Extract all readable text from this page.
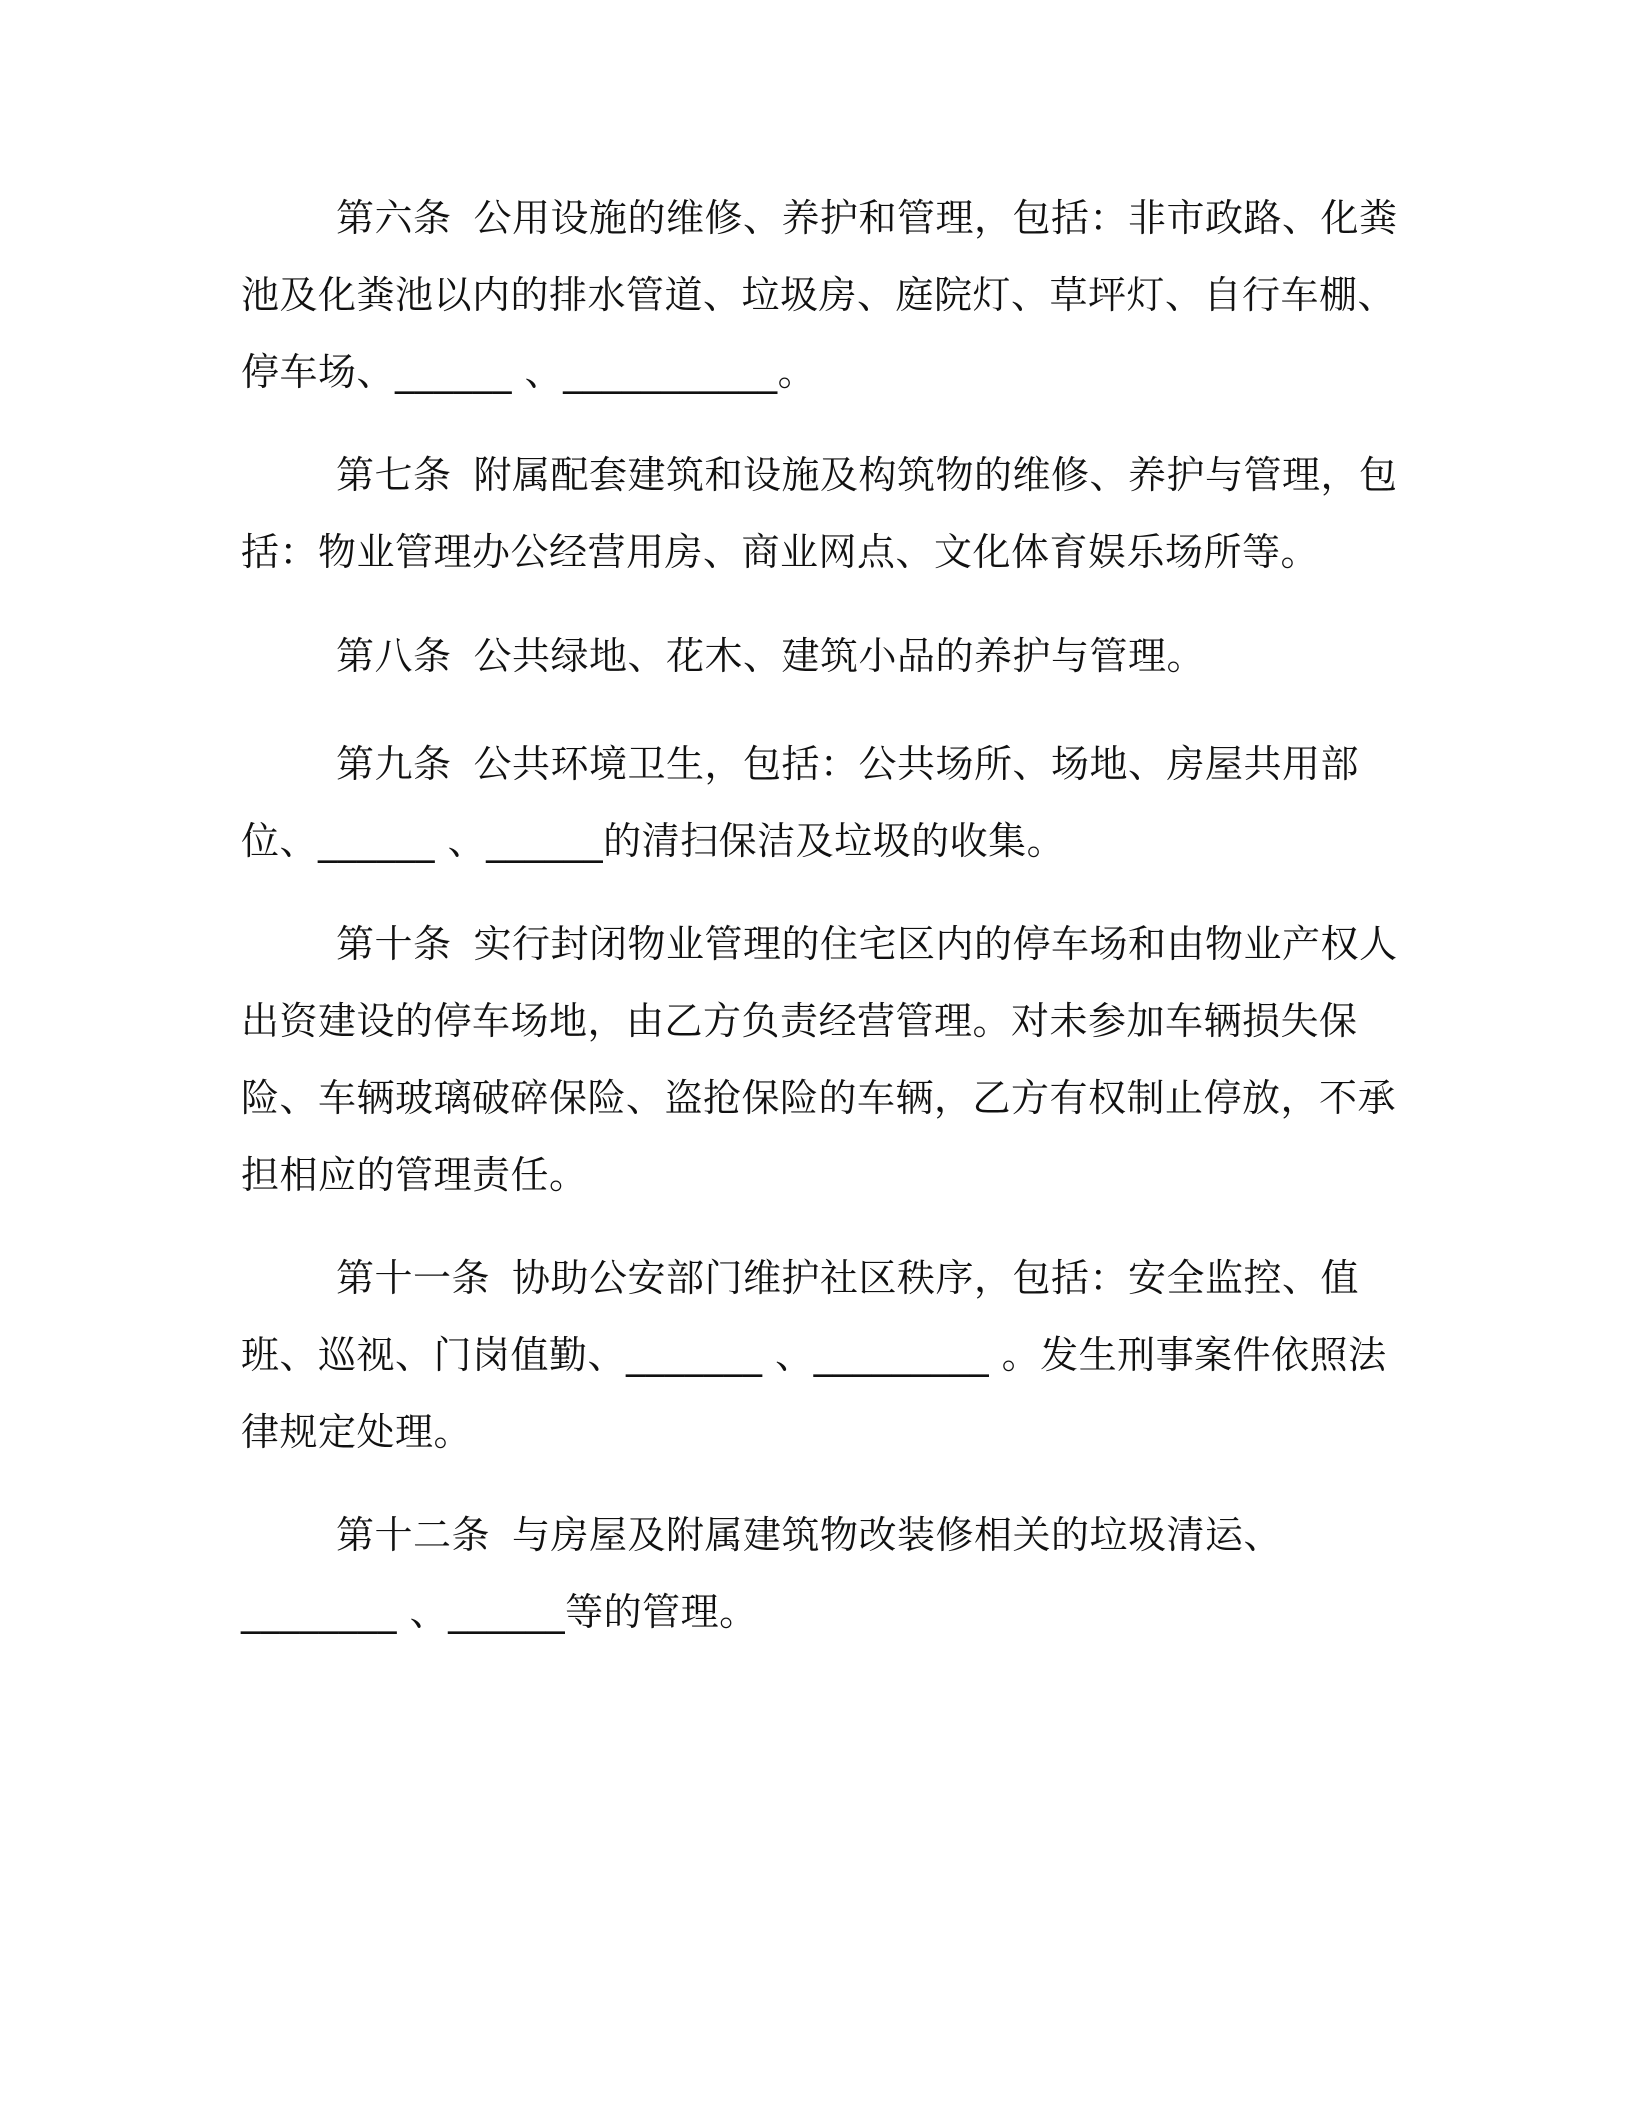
第六条 公用设施的维修、养护和管理，包括：非市政路、化粪池及化粪池以内的排水管道、垃圾房、庭院灯、草坪灯、自行车棚、停车场、______ 、___________。

第七条 附属配套建筑和设施及构筑物的维修、养护与管理，包括：物业管理办公经营用房、商业网点、文化体育娱乐场所等。

第八条 公共绿地、花木、建筑小品的养护与管理。

第九条 公共环境卫生，包括：公共场所、场地、房屋共用部位、______ 、______的清扫保洁及垃圾的收集。

第十条 实行封闭物业管理的住宅区内的停车场和由物业产权人出资建设的停车场地，由乙方负责经营管理。对未参加车辆损失保险、车辆玻璃破碎保险、盗抢保险的车辆，乙方有权制止停放，不承担相应的管理责任。

第十一条 协助公安部门维护社区秩序，包括：安全监控、值班、巡视、门岗值勤、_______ 、_________ 。发生刑事案件依照法律规定处理。

第十二条 与房屋及附属建筑物改装修相关的垃圾清运、________ 、______等的管理。
